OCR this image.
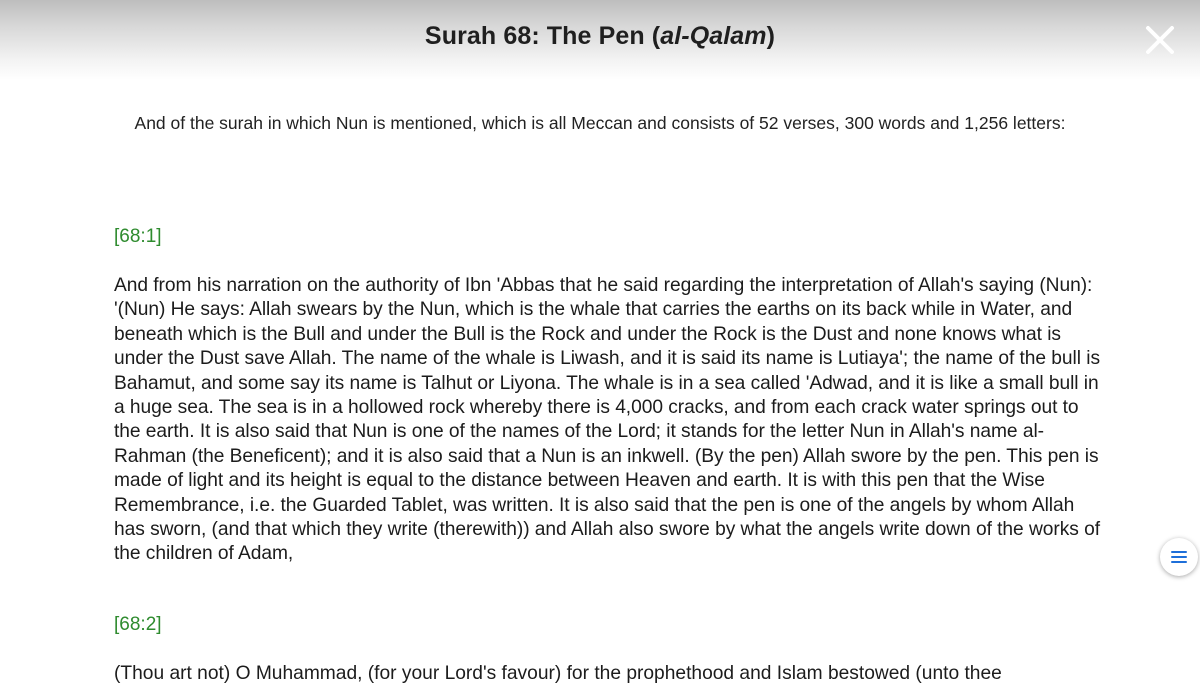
Surah 68: The Pen (al-Qalam)
And of the surah in which Nun is mentioned, which is all Meccan and consists of 52 verses, 300 words and 1,256 letters:
[68:1]
And from his narration on the authority of Ibn 'Abbas that he said regarding the interpretation of Allah's saying (Nun): '(Nun) He says: Allah swears by the Nun, which is the whale that carries the earths on its back while in Water, and beneath which is the Bull and under the Bull is the Rock and under the Rock is the Dust and none knows what is under the Dust save Allah. The name of the whale is Liwash, and it is said its name is Lutiaya'; the name of the bull is Bahamut, and some say its name is Talhut or Liyona. The whale is in a sea called 'Adwad, and it is like a small bull in a huge sea. The sea is in a hollowed rock whereby there is 4,000 cracks, and from each crack water springs out to the earth. It is also said that Nun is one of the names of the Lord; it stands for the letter Nun in Allah's name al-Rahman (the Beneficent); and it is also said that a Nun is an inkwell. (By the pen) Allah swore by the pen. This pen is made of light and its height is equal to the distance between Heaven and earth. It is with this pen that the Wise Remembrance, i.e. the Guarded Tablet, was written. It is also said that the pen is one of the angels by whom Allah has sworn, (and that which they write (therewith)) and Allah also swore by what the angels write down of the works of the children of Adam,
[68:2]
(Thou art not) O Muhammad, (for your Lord's favour) for the prophethood and Islam bestowed (unto thee
